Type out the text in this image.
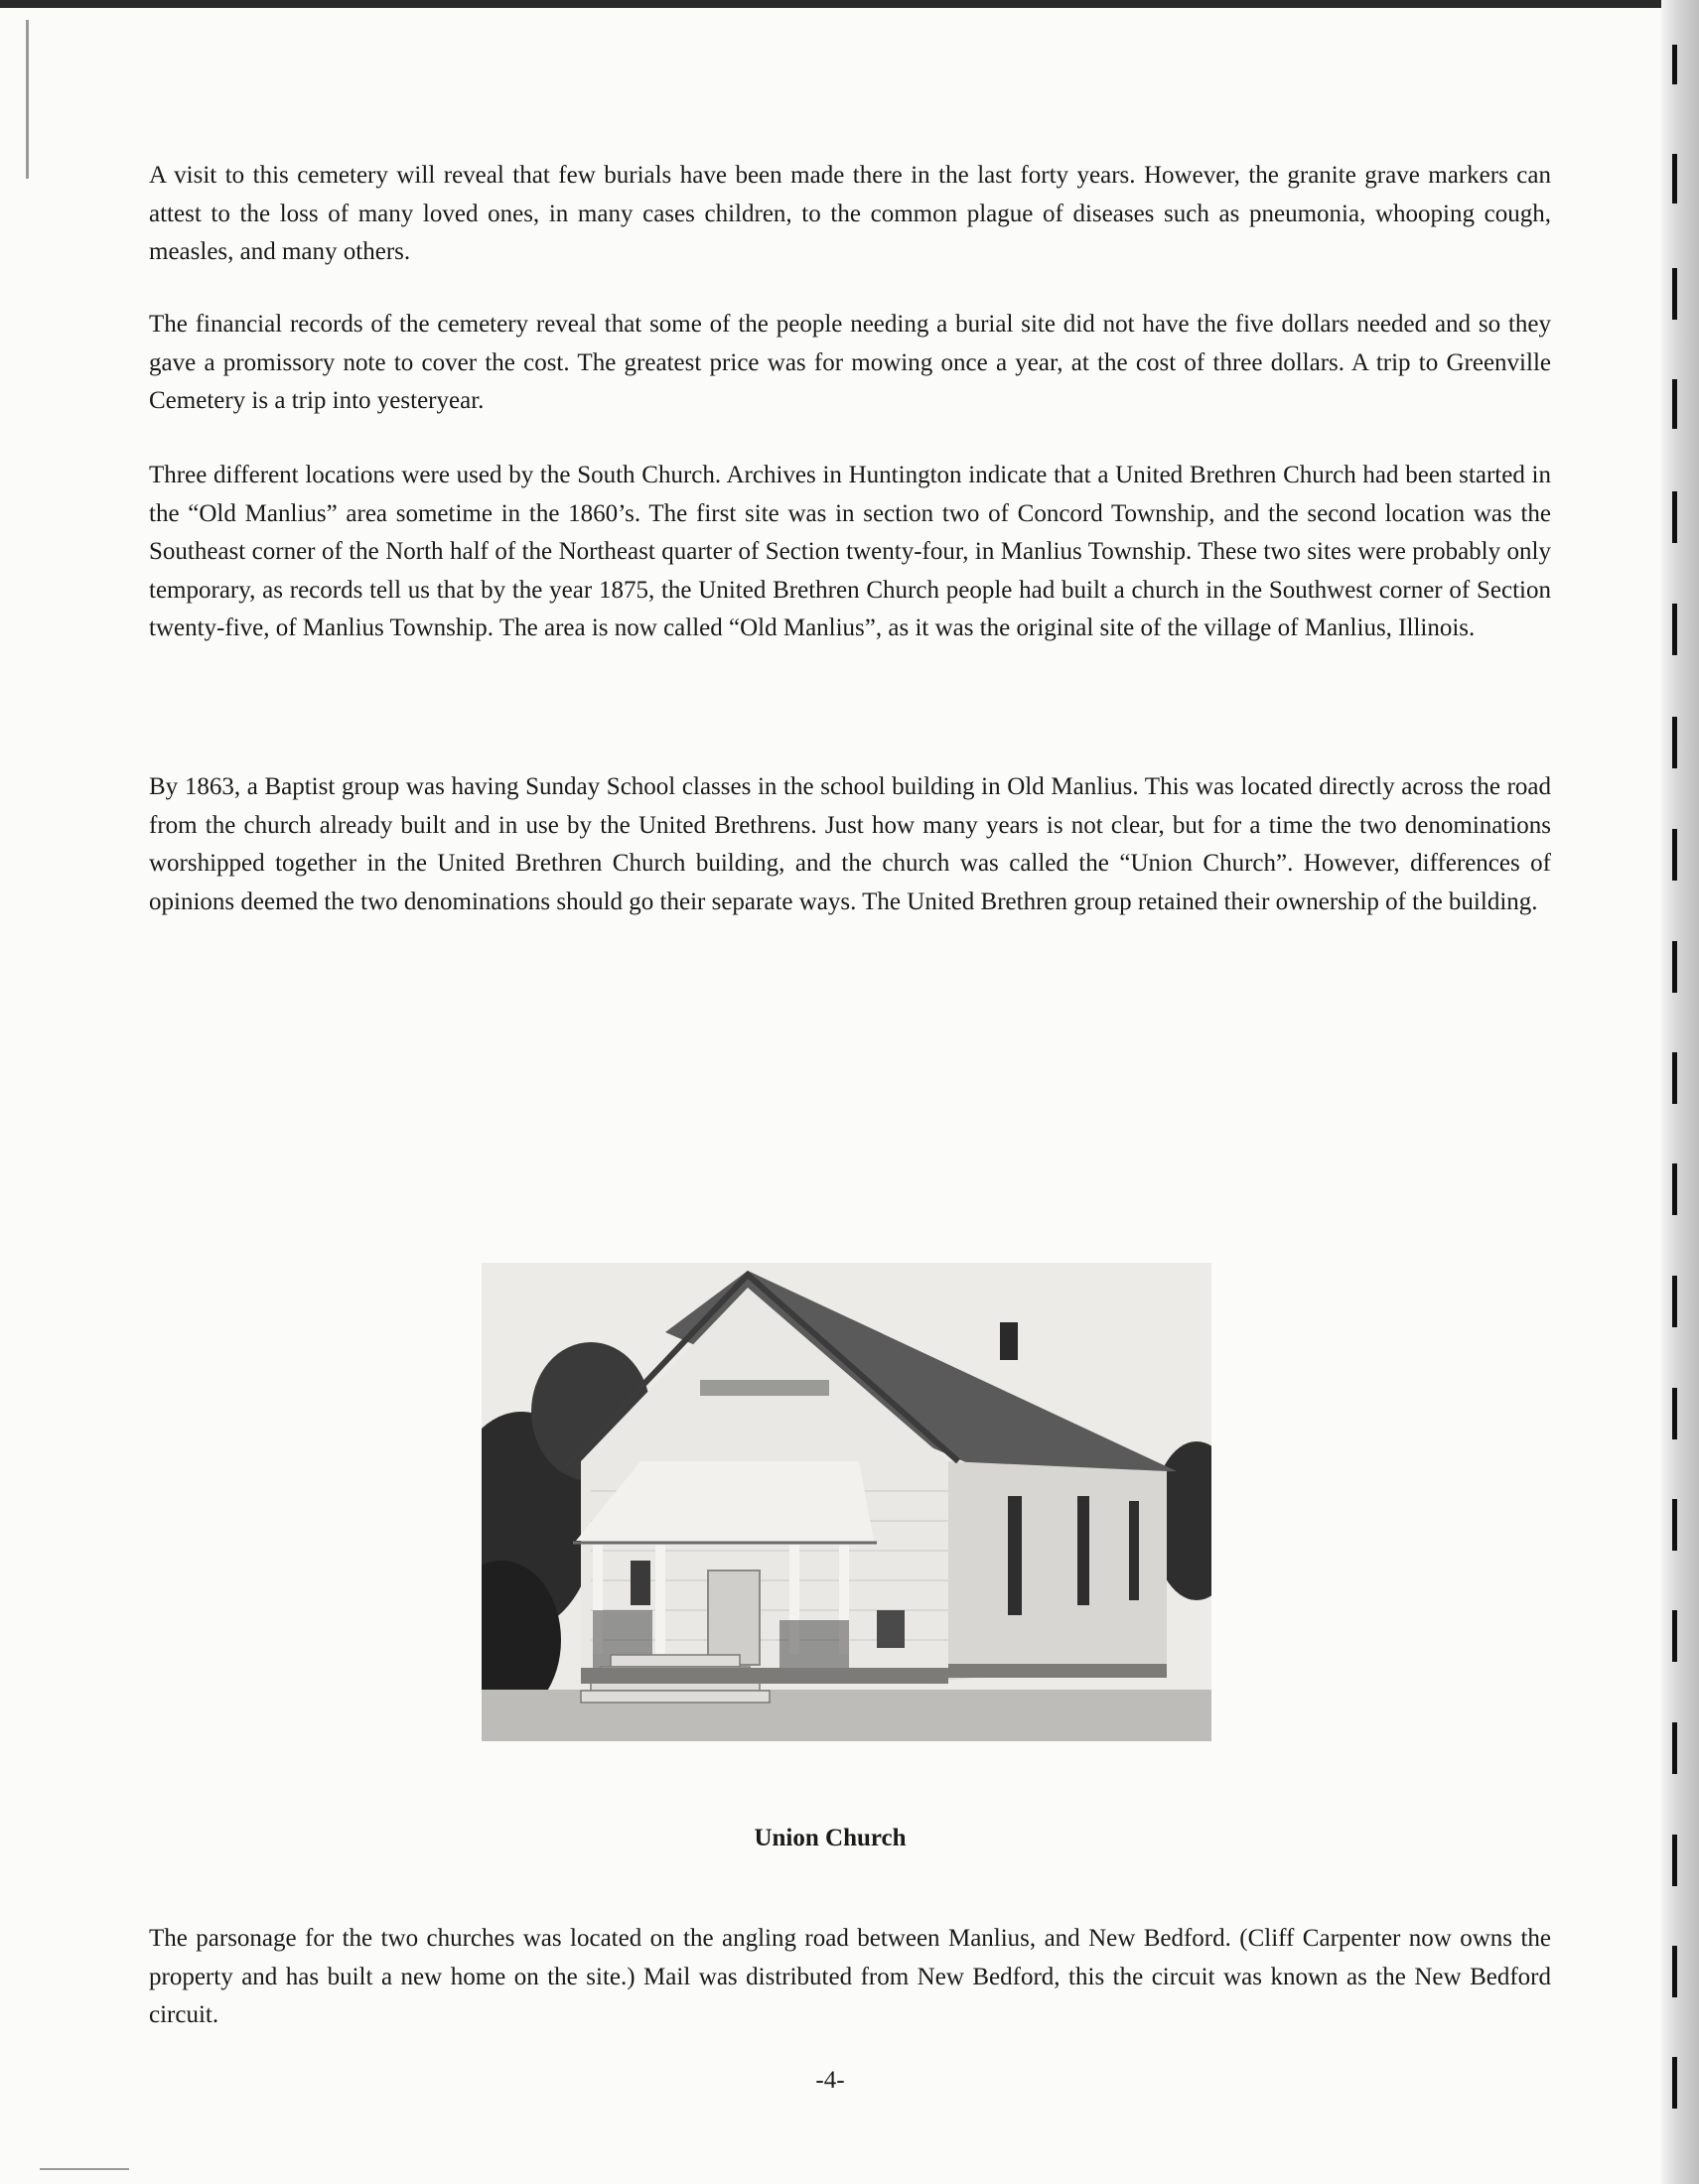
A visit to this cemetery will reveal that few burials have been made there in the last forty years. However, the granite grave markers can attest to the loss of many loved ones, in many cases children, to the common plague of diseases such as pneumonia, whooping cough, measles, and many others.

The financial records of the cemetery reveal that some of the people needing a burial site did not have the five dollars needed and so they gave a promissory note to cover the cost. The greatest price was for mowing once a year, at the cost of three dollars. A trip to Greenville Cemetery is a trip into yesteryear.

Three different locations were used by the South Church. Archives in Huntington indicate that a United Brethren Church had been started in the “Old Manlius” area sometime in the 1860’s. The first site was in section two of Concord Township, and the second location was the Southeast corner of the North half of the Northeast quarter of Section twenty-four, in Manlius Township. These two sites were probably only temporary, as records tell us that by the year 1875, the United Brethren Church people had built a church in the Southwest corner of Section twenty-five, of Manlius Township. The area is now called “Old Manlius”, as it was the original site of the village of Manlius, Illinois.

By 1863, a Baptist group was having Sunday School classes in the school building in Old Manlius. This was located directly across the road from the church already built and in use by the United Brethrens. Just how many years is not clear, but for a time the two denominations worshipped together in the United Brethren Church building, and the church was called the “Union Church”. However, differences of opinions deemed the two denominations should go their separate ways. The United Brethren group retained their ownership of the building.

Union Church

The parsonage for the two churches was located on the angling road between Manlius, and New Bedford. (Cliff Carpenter now owns the property and has built a new home on the site.) Mail was distributed from New Bedford, this the circuit was known as the New Bedford circuit.

-4-
